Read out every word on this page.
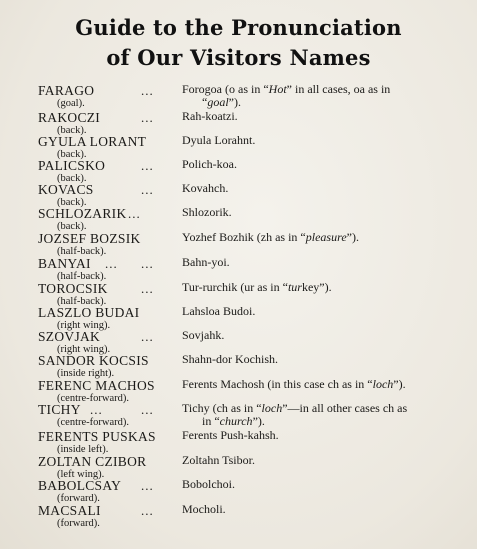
Guide to the Pronunciation
of Our Visitors Names
FARAGO
(goal).
... Forogoa (o as in “Hot” in all cases, oa as in
“goal”).
RAKOCZI
(back).
... Rah-koatzi.
GYULA LORANT
(back).
Dyula Lorahnt.
PALICSKO
(back).
... Polich-koa.
KOVACS
(back).
... Kovahch.
SCHLOZARIK
(back).
...	Shlozorik.
JOZSEF BOZSIK
(half-back).
Yozhef Bozhik (zh as in “pleasure”).
BANYAI ...
(half-back).
... Bahn-yoi.
TOROCSIK
(half-back).
... Tur-rurchik (ur as in “turkey”).
LASZLO BUDAI
(right wing).
Lahsloa Budoi.
SZOVJAK
(right wing).
... Sovjahk.
SANDOR KOCSIS
(inside right).
Shahn-dor Kochish.
FERENC MACHOS
(centre-forward).
Ferents Machosh (in this case ch as in “loch”).
TICHY ...
(centre-forward).
... Tichy (ch as in “loch”—in all other cases ch as
in “church”).
FERENTS PUSKAS
(inside left).
Ferents Push-kahsh.
ZOLTAN CZIBOR
(left wing).
Zoltahn Tsibor.
BABOLCSAY
(forward).
... Bobolchoi.
MACSALI
(forward).
... Mocholi.
